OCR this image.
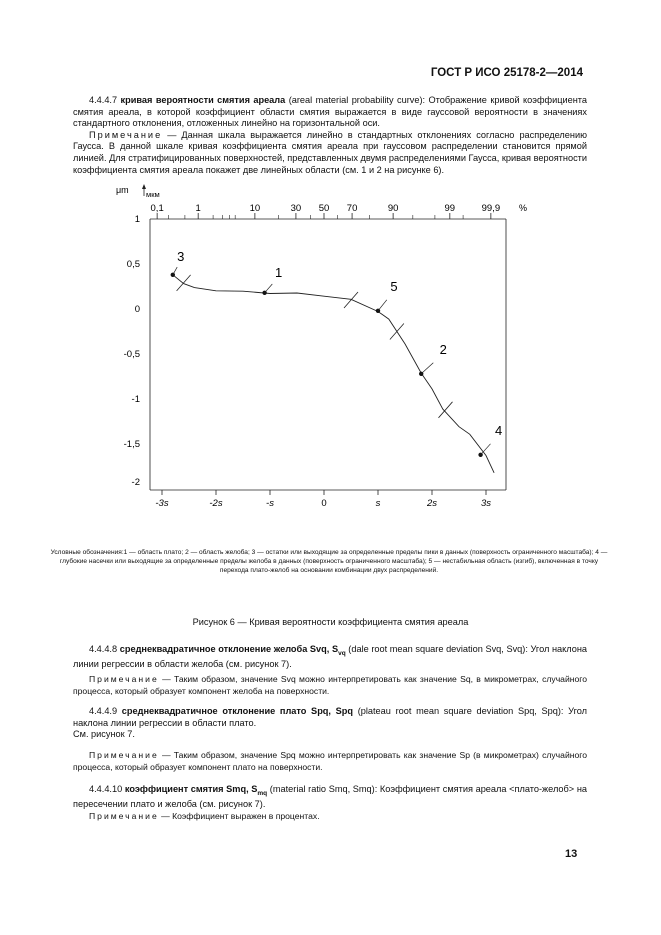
ГОСТ Р ИСО 25178-2—2014
4.4.4.7 кривая вероятности смятия ареала (areal material probability curve): Отображение кривой коэффициента смятия ареала, в которой коэффициент области смятия выражается в виде гауссовой вероятности в значениях стандартного отклонения, отложенных линейно на горизонтальной оси.
Примечание — Данная шкала выражается линейно в стандартных отклонениях согласно распределению Гаусса. В данной шкале кривая коэффициента смятия ареала при гауссовом распределении становится прямой линией. Для стратифицированных поверхностей, представленных двумя распределениями Гаусса, кривая вероятности коэффициента смятия ареала покажет две линейных области (см. 1 и 2 на рисунке 6).
μm мкм
%
1
0,5
0
-0,5
-1
-1,5
-2
0,1	1	10	30 50 70	90	99	99,9
-3s	-2s	-s	0	s	2s	3s
3
1
5
2
4
Условные обозначения:1 — область плато; 2 — область желоба; 3 — остатки или выходящие за определенные пределы пики в данных (поверхность ограниченного масштаба); 4 — глубокие насечки или выходящие за определенные пределы желоба в данных (поверхность ограниченного масштаба); 5 — нестабильная область (изгиб), включенная в точку перехода плато-желоб на основании комбинации двух распределений.
Рисунок 6 — Кривая вероятности коэффициента смятия ареала
4.4.4.8 среднеквадратичное отклонение желоба Svq, $S_{vq}$ (dale root mean square deviation Svq, Svq): Угол наклона линии регрессии в области желоба (см. рисунок 7).
Примечание — Таким образом, значение Svq можно интерпретировать как значение Sq, в микрометрах, случайного процесса, который образует компонент желоба на поверхности.
4.4.4.9 среднеквадратичное отклонение плато Spq, Spq (plateau root mean square deviation Spq, Spq): Угол наклона линии регрессии в области плато.
См. рисунок 7.
Примечание — Таким образом, значение Spq можно интерпретировать как значение Sp (в микрометрах) случайного процесса, который образует компонент плато на поверхности.
4.4.4.10 коэффициент смятия Smq, $S_{mq}$ (material ratio Smq, Smq): Коэффициент смятия ареала <плато-желоб> на пересечении плато и желоба (см. рисунок 7).
Примечание — Коэффициент выражен в процентах.
13
